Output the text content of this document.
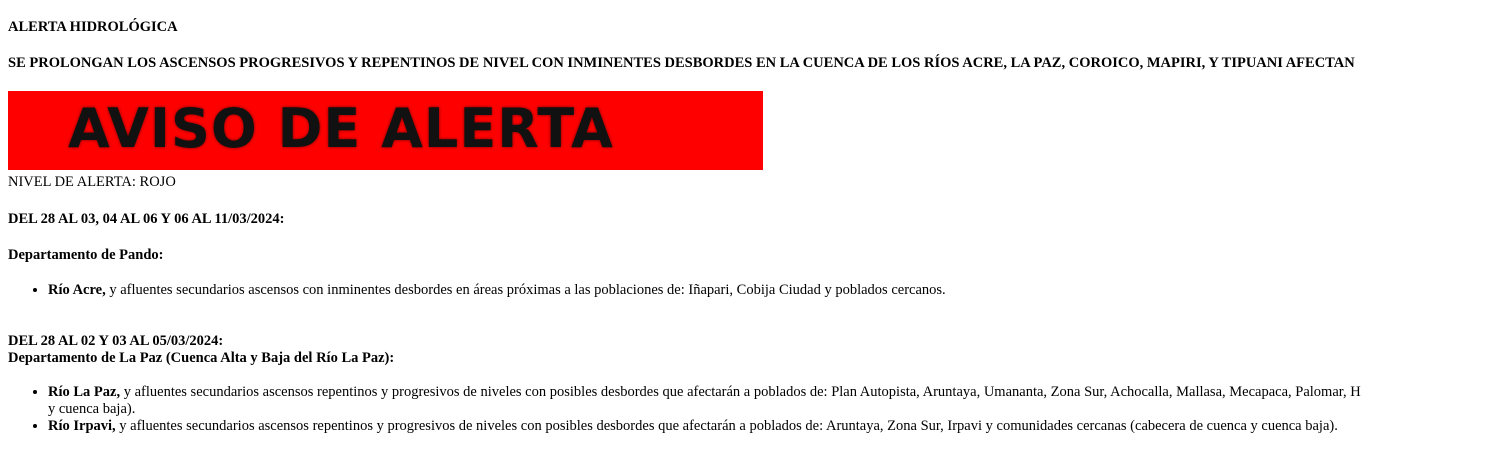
ALERTA HIDROLÓGICA
SE PROLONGAN LOS ASCENSOS PROGRESIVOS Y REPENTINOS DE NIVEL CON INMINENTES DESBORDES EN LA CUENCA DE LOS RÍOS ACRE, LA PAZ, COROICO, MAPIRI, Y TIPUANI AFECTAN
AVISO DE ALERTA
NIVEL DE ALERTA: ROJO
DEL 28 AL 03, 04 AL 06 Y 06 AL 11/03/2024:
Departamento de Pando:
• Río Acre, y afluentes secundarios ascensos con inminentes desbordes en áreas próximas a las poblaciones de: Iñapari, Cobija Ciudad y poblados cercanos.
DEL 28 AL 02 Y 03 AL 05/03/2024:
Departamento de La Paz (Cuenca Alta y Baja del Río La Paz):
• Río La Paz, y afluentes secundarios ascensos repentinos y progresivos de niveles con posibles desbordes que afectarán a poblados de: Plan Autopista, Aruntaya, Umananta, Zona Sur, Achocalla, Mallasa, Mecapaca, Palomar, H
y cuenca baja).
• Río Irpavi, y afluentes secundarios ascensos repentinos y progresivos de niveles con posibles desbordes que afectarán a poblados de: Aruntaya, Zona Sur, Irpavi y comunidades cercanas (cabecera de cuenca y cuenca baja).
